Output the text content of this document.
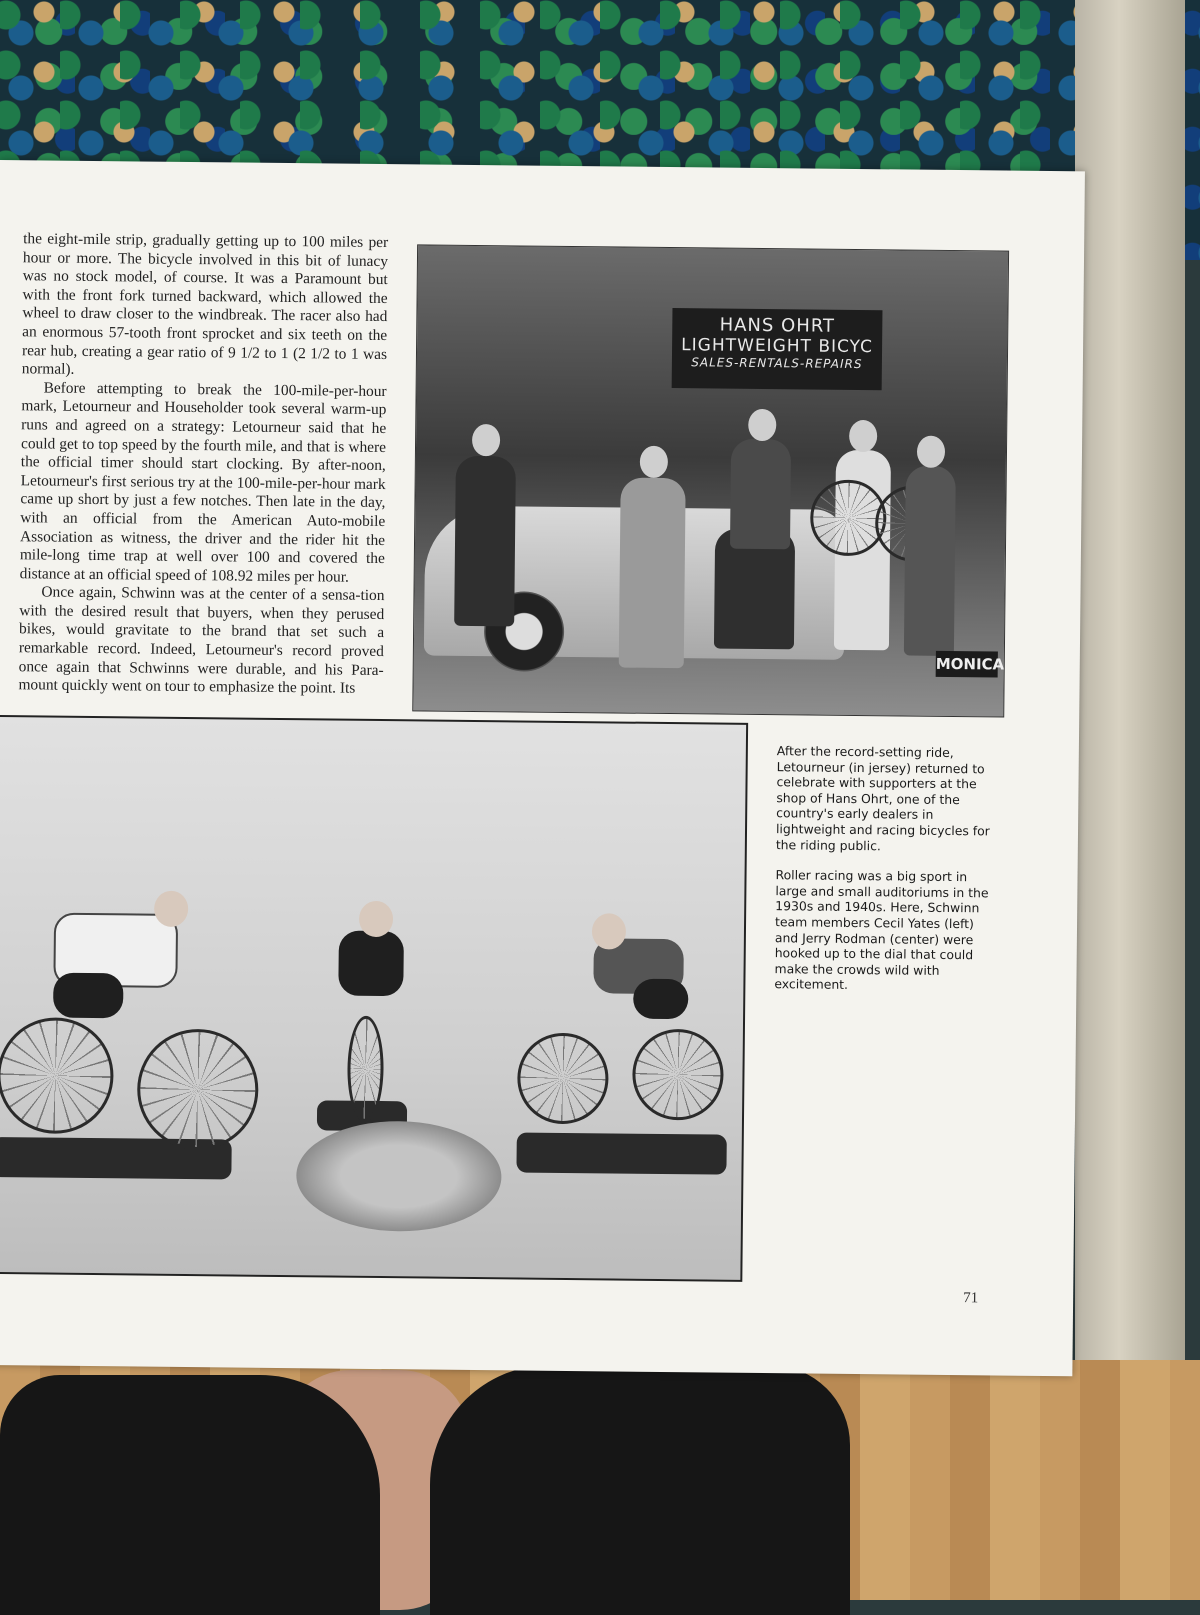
the eight-mile strip, gradually getting up to 100 miles per hour or more. The bicycle involved in this bit of lunacy was no stock model, of course. It was a Paramount but with the front fork turned backward, which allowed the wheel to draw closer to the windbreak. The racer also had an enormous 57-tooth front sprocket and six teeth on the rear hub, creating a gear ratio of 9 1/2 to 1 (2 1/2 to 1 was normal).

Before attempting to break the 100-mile-per-hour mark, Letourneur and Householder took several warm-up runs and agreed on a strategy: Letourneur said that he could get to top speed by the fourth mile, and that is where the official timer should start clocking. By after-noon, Letourneur's first serious try at the 100-mile-per-hour mark came up short by just a few notches. Then late in the day, with an official from the American Auto-mobile Association as witness, the driver and the rider hit the mile-long time trap at well over 100 and covered the distance at an official speed of 108.92 miles per hour.

Once again, Schwinn was at the center of a sensa-tion with the desired result that buyers, when they perused bikes, would gravitate to the brand that set such a remarkable record. Indeed, Letourneur's record proved once again that Schwinns were durable, and his Para-mount quickly went on tour to emphasize the point. Its

HANS OHRT
LIGHTWEIGHT BICYC
SALES-RENTALS-REPAIRS
MONICA

After the record-setting ride, Letourneur (in jersey) returned to celebrate with supporters at the shop of Hans Ohrt, one of the country's early dealers in lightweight and racing bicycles for the riding public.

Roller racing was a big sport in large and small auditoriums in the 1930s and 1940s. Here, Schwinn team members Cecil Yates (left) and Jerry Rodman (center) were hooked up to the dial that could make the crowds wild with excitement.

71
